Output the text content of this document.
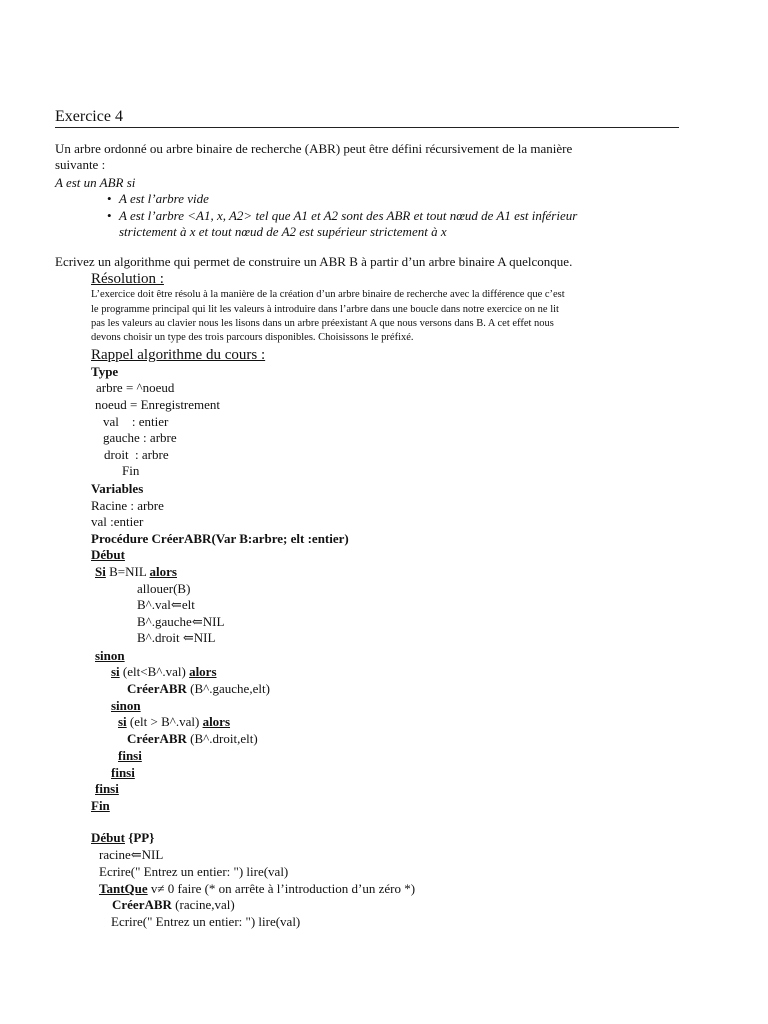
Exercice 4
Un arbre ordonné ou arbre binaire de recherche (ABR) peut être défini récursivement de la manière
suivante :
A est un ABR si
• A est l’arbre vide
• A est l’arbre <A1, x, A2> tel que A1 et A2 sont des ABR et tout nœud de A1 est inférieur
strictement à x et tout nœud de A2 est supérieur strictement à x
Ecrivez un algorithme qui permet de construire un ABR B à partir d’un arbre binaire A quelconque.
Résolution :
L’exercice doit être résolu à la manière de la création d’un arbre binaire de recherche avec la différence que c’est
le programme principal qui lit les valeurs à introduire dans l’arbre dans une boucle dans notre exercice on ne lit
pas les valeurs au clavier nous les lisons dans un arbre préexistant A que nous versons dans B. A cet effet nous
devons choisir un type des trois parcours disponibles. Choisissons le préfixé.
Rappel algorithme du cours :
Type
arbre = ^noeud
noeud = Enregistrement
val    : entier
gauche : arbre
droit  : arbre
Fin
Variables
Racine : arbre
val :entier
Procédure CréerABR(Var B:arbre; elt :entier)
Début
Si B=NIL alors
allouer(B)
B^.val⇐elt
B^.gauche⇐NIL
B^.droit ⇐NIL
sinon
si (elt<B^.val) alors
CréerABR (B^.gauche,elt)
sinon
si (elt > B^.val) alors
CréerABR (B^.droit,elt)
finsi
finsi
finsi
Fin
Début {PP}
racine⇐NIL
Ecrire(" Entrez un entier: ") lire(val)
TantQue v≠ 0 faire (* on arrête à l’introduction d’un zéro *)
CréerABR (racine,val)
Ecrire(" Entrez un entier: ") lire(val)
